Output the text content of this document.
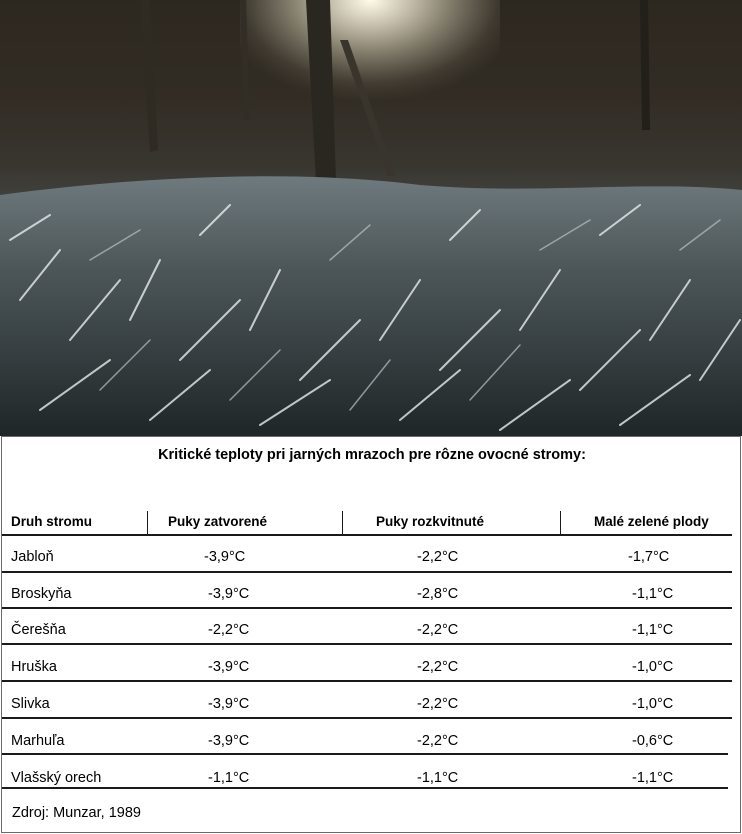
Kritické teploty pri jarných mrazoch pre rôzne ovocné stromy:
Druh stromu	Puky zatvorené	Puky rozkvitnuté	Malé zelené plody
Jabloň	-3,9°C	-2,2°C	-1,7°C
Broskyňa	-3,9°C	-2,8°C	-1,1°C
Čerešňa	-2,2°C	-2,2°C	-1,1°C
Hruška	-3,9°C	-2,2°C	-1,0°C
Slivka	-3,9°C	-2,2°C	-1,0°C
Marhuľa	-3,9°C	-2,2°C	-0,6°C
Vlašský orech	-1,1°C	-1,1°C	-1,1°C
Zdroj: Munzar, 1989
